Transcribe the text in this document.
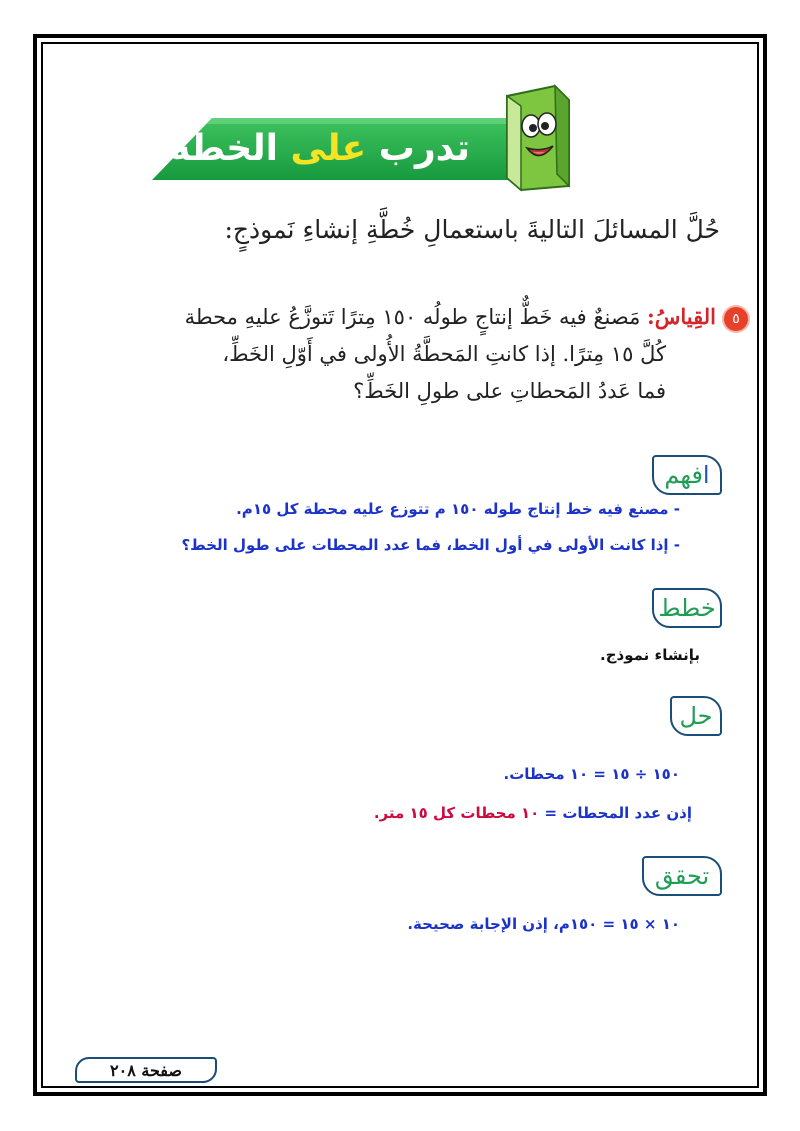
تدرب على الخطة:
حُلَّ المسائلَ التاليةَ باستعمالِ خُطَّةِ إنشاءِ نَموذجٍ:
٥القِياسُ: مَصنعٌ فيه خَطٌّ إنتاجٍ طولُه ١٥٠ مِترًا تَتوزَّعُ عليهِ محطة
كُلَّ ١٥ مِترًا. إذا كانتِ المَحطَّةُ الأُولى في أَوّلِ الخَطِّ،
فما عَددُ المَحطاتِ على طولِ الخَطِّ؟
ا
فهم
- مصنع فيه خط إنتاج طوله ١٥٠ م تتوزع عليه محطة كل ١٥م.
- إذا كانت الأولى في أول الخط، فما عدد المحطات على طول الخط؟
خطط
بإنشاء نموذج.
حل
١٥٠ ÷ ١٥ = ١٠ محطات.
إذن عدد المحطات = ١٠ محطات كل ١٥ متر.
تحقق
١٠ × ١٥ = ١٥٠م، إذن الإجابة صحيحة.
صفحة ٢٠٨
